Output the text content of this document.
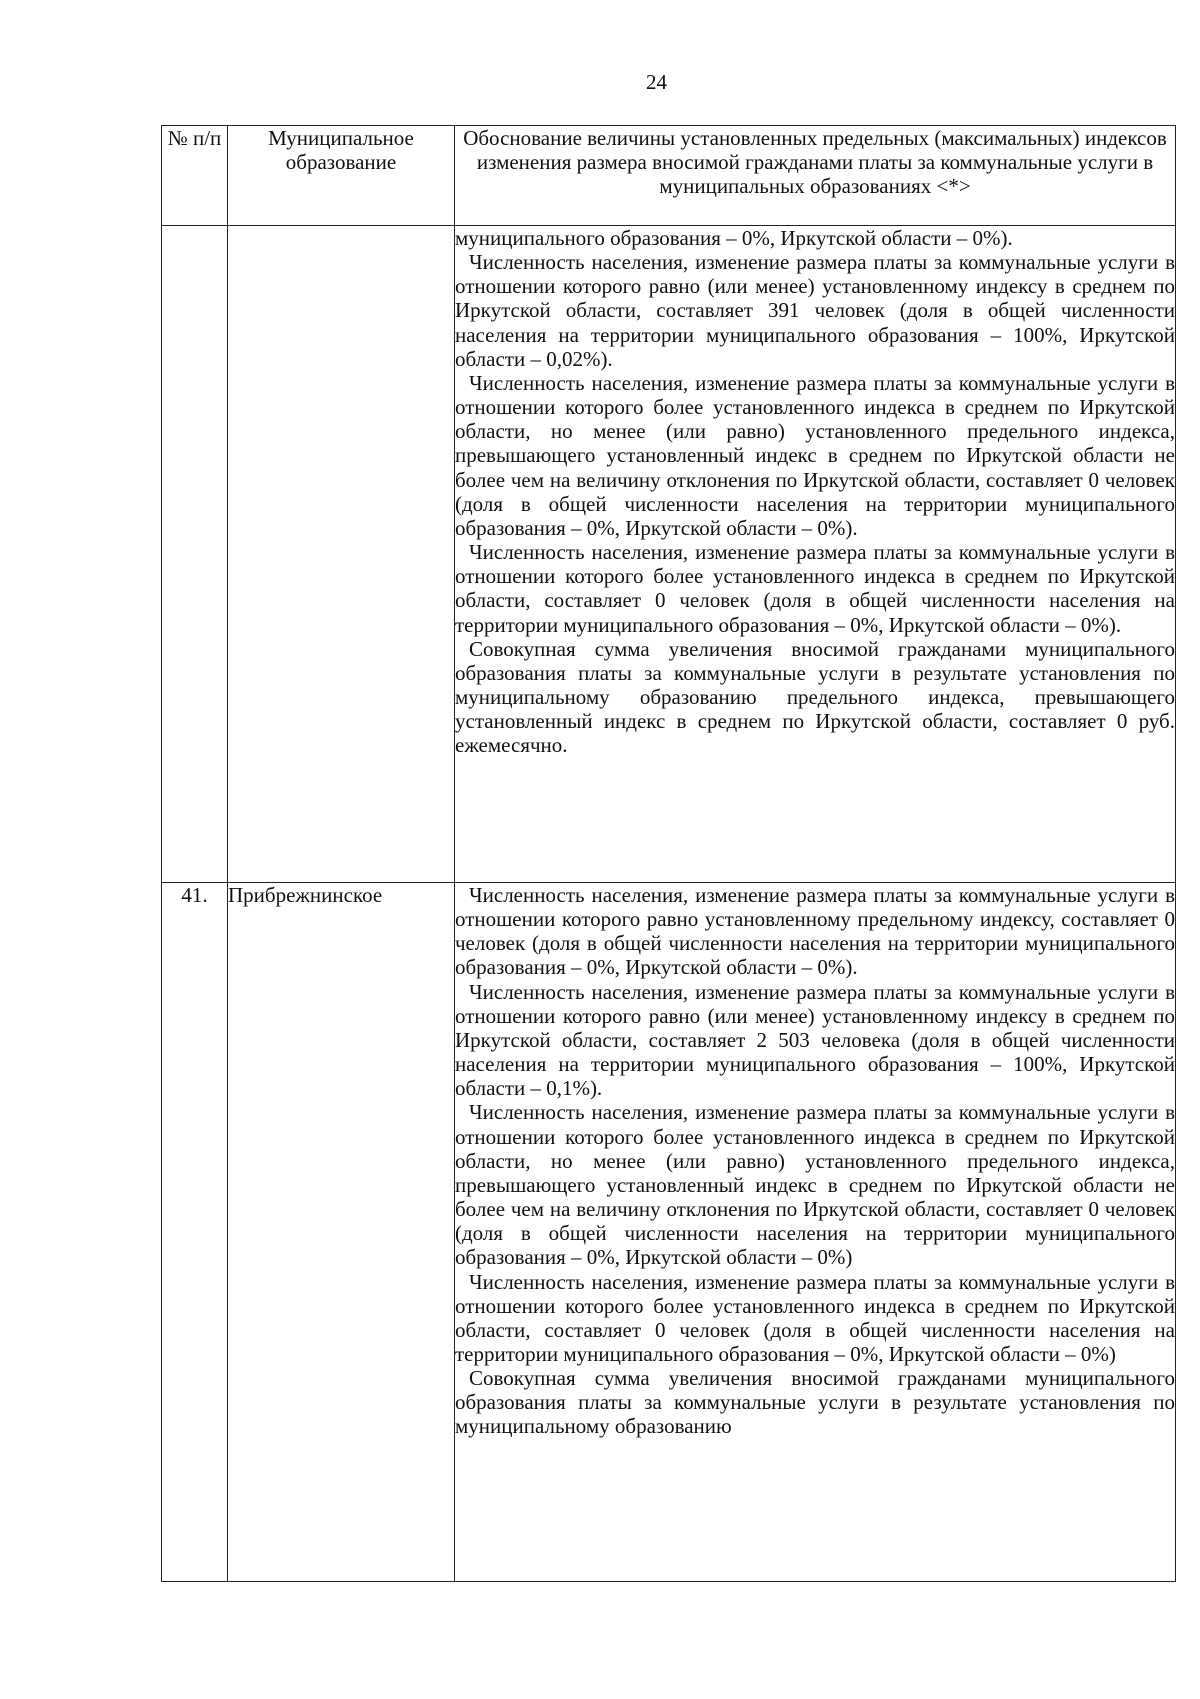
24
№ п/п	Муниципальное образование	Обоснование величины установленных предельных (максимальных) индексов изменения размера вносимой гражданами платы за коммунальные услуги в муниципальных образованиях <*>

		муниципального образования – 0%, Иркутской области – 0%).

Численность населения, изменение размера платы за коммунальные услуги в отношении которого равно (или менее) установленному индексу в среднем по Иркутской области, составляет 391 человек (доля в общей численности населения на территории муниципального образования – 100%, Иркутской области – 0,02%).

Численность населения, изменение размера платы за коммунальные услуги в отношении которого более установленного индекса в среднем по Иркутской области, но менее (или равно) установленного предельного индекса, превышающего установленный индекс в среднем по Иркутской области не более чем на величину отклонения по Иркутской области, составляет 0 человек (доля в общей численности населения на территории муниципального образования – 0%, Иркутской области – 0%).

Численность населения, изменение размера платы за коммунальные услуги в отношении которого более установленного индекса в среднем по Иркутской области, составляет 0 человек (доля в общей численности населения на территории муниципального образования – 0%, Иркутской области – 0%).

Совокупная сумма увеличения вносимой гражданами муниципального образования платы за коммунальные услуги в результате установления по муниципальному образованию предельного индекса, превышающего установленный индекс в среднем по Иркутской области, составляет 0 руб. ежемесячно.

41.	Прибрежнинское	Численность населения, изменение размера платы за коммунальные услуги в отношении которого равно установленному предельному индексу, составляет 0 человек (доля в общей численности населения на территории муниципального образования – 0%, Иркутской области – 0%).

Численность населения, изменение размера платы за коммунальные услуги в отношении которого равно (или менее) установленному индексу в среднем по Иркутской области, составляет 2 503 человека (доля в общей численности населения на территории муниципального образования – 100%, Иркутской области – 0,1%).

Численность населения, изменение размера платы за коммунальные услуги в отношении которого более установленного индекса в среднем по Иркутской области, но менее (или равно) установленного предельного индекса, превышающего установленный индекс в среднем по Иркутской области не более чем на величину отклонения по Иркутской области, составляет 0 человек (доля в общей численности населения на территории муниципального образования – 0%, Иркутской области – 0%)

Численность населения, изменение размера платы за коммунальные услуги в отношении которого более установленного индекса в среднем по Иркутской области, составляет 0 человек (доля в общей численности населения на территории муниципального образования – 0%, Иркутской области – 0%)

Совокупная сумма увеличения вносимой гражданами муниципального образования платы за коммунальные услуги в результате установления по муниципальному образованию
